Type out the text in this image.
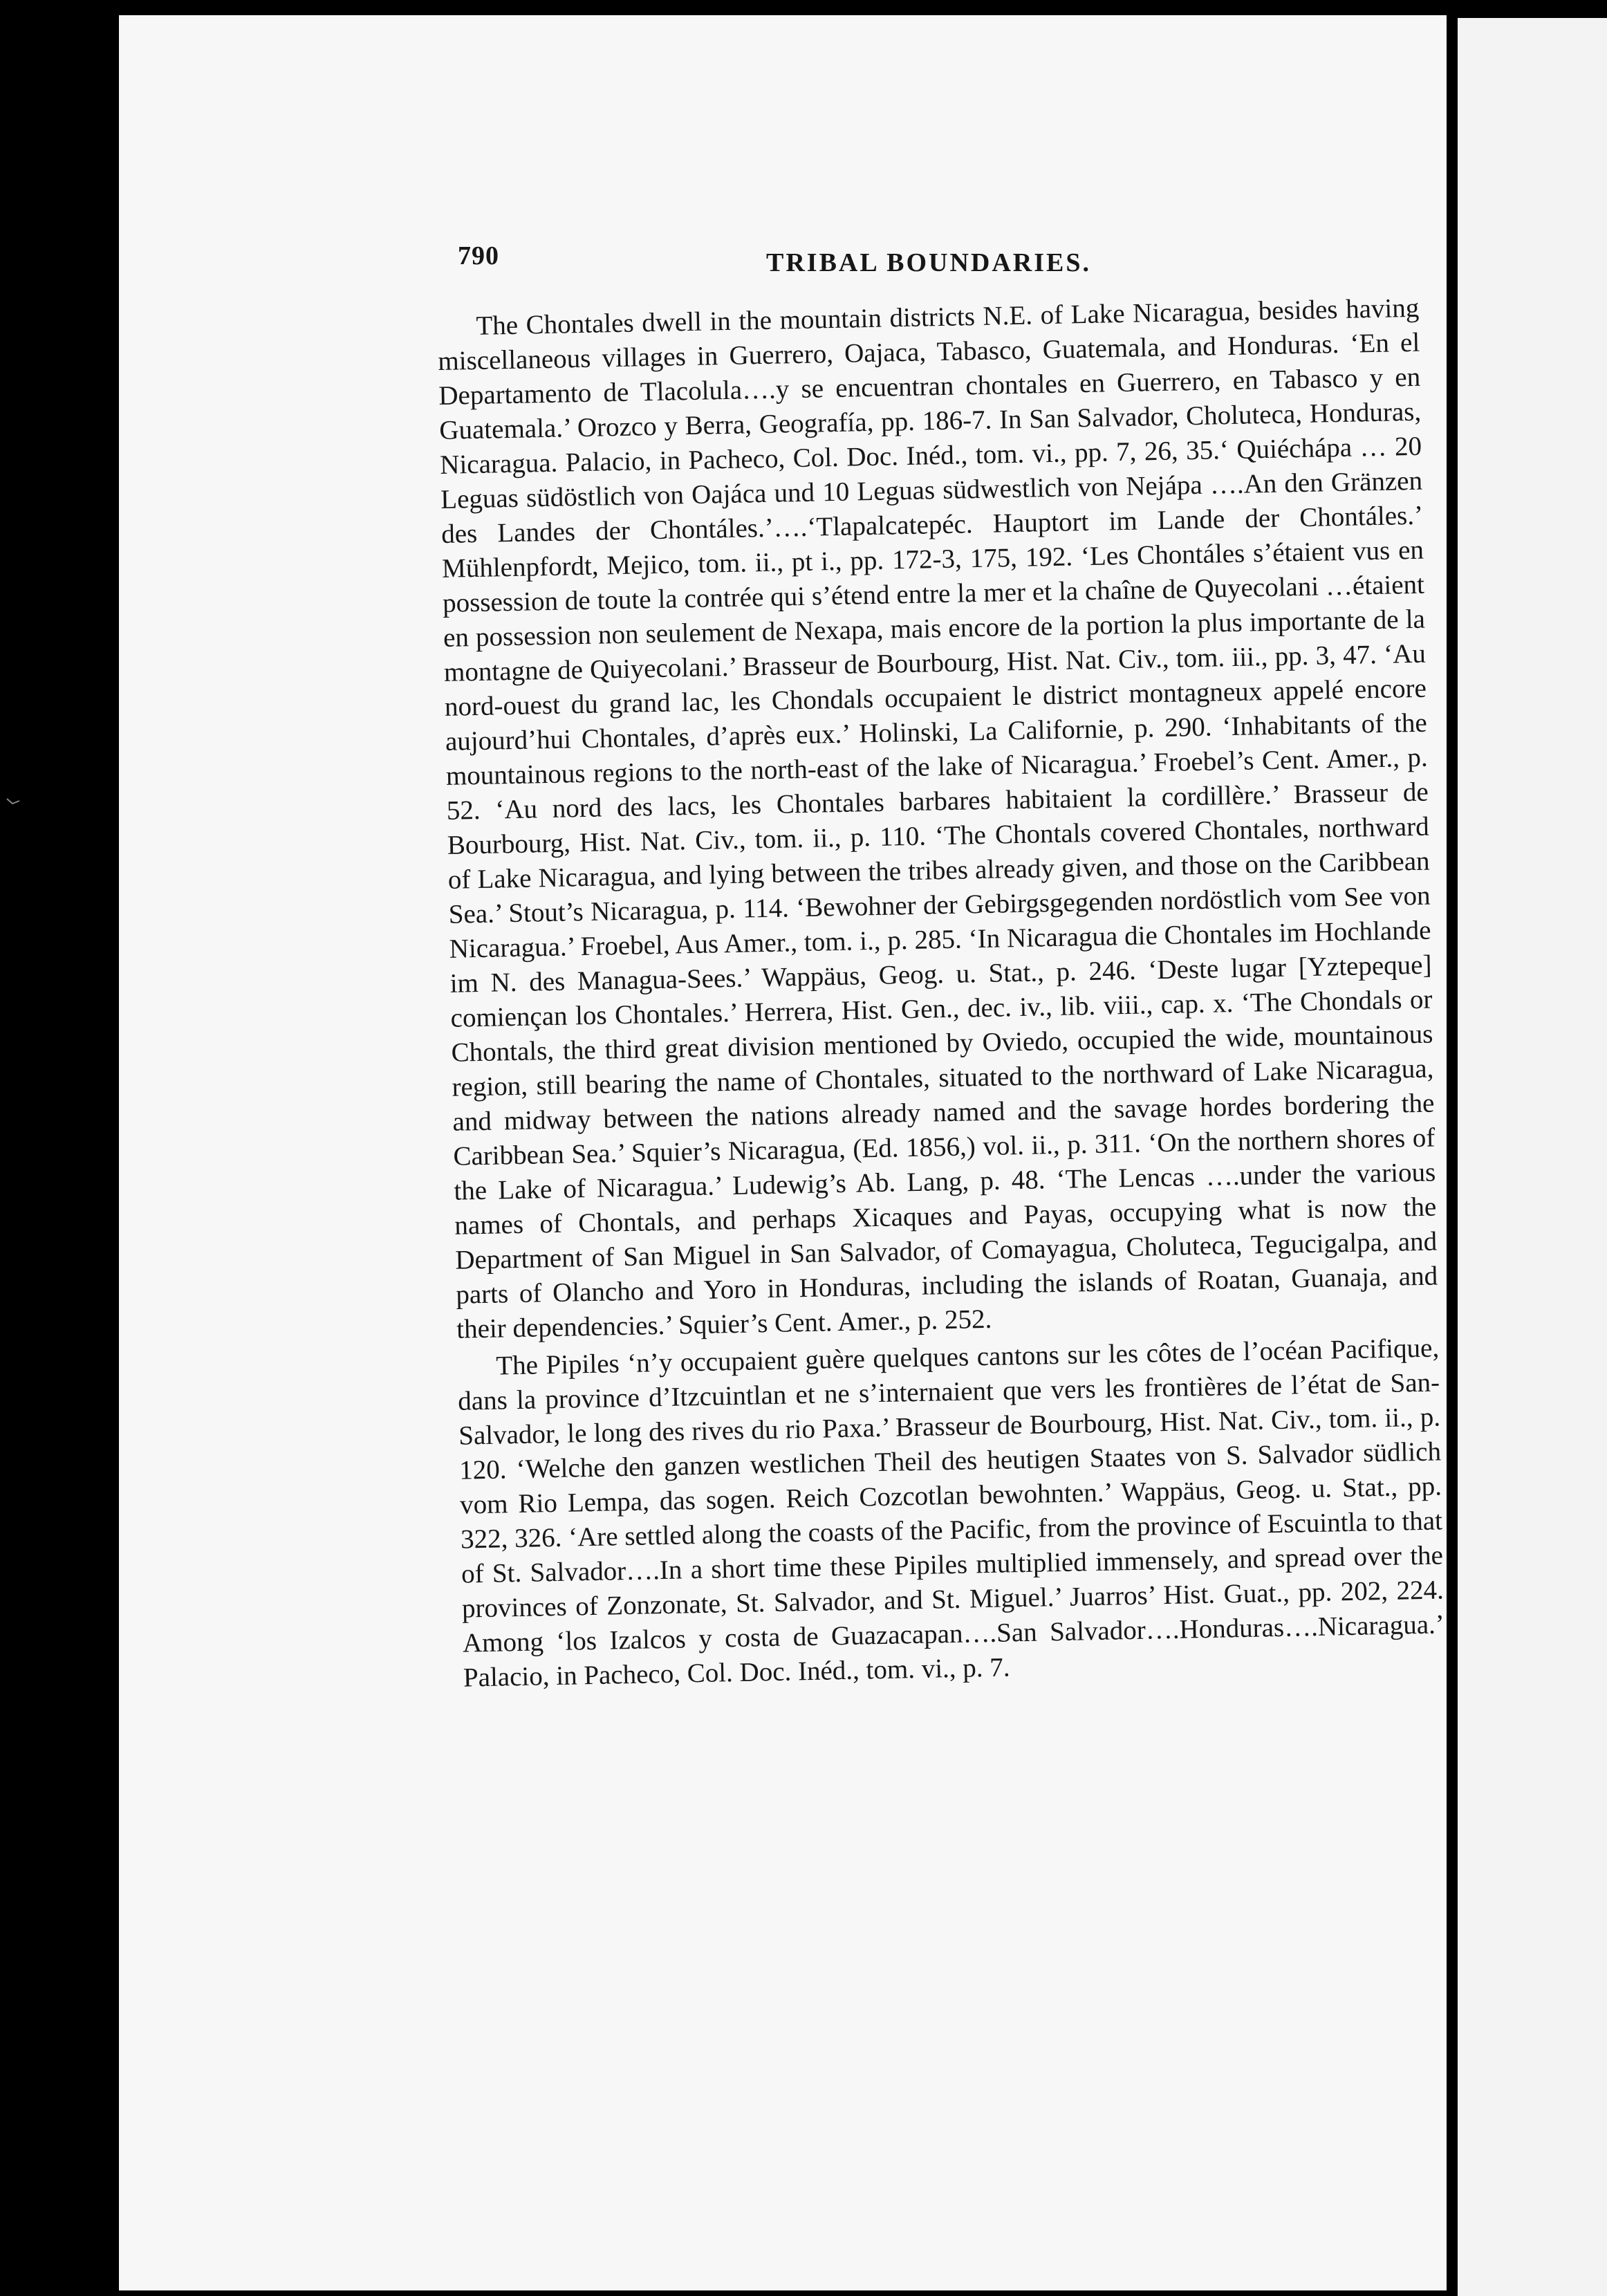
790	TRIBAL BOUNDARIES.

The Chontales dwell in the mountain districts N.E. of Lake Nicaragua, besides having miscellaneous villages in Guerrero, Oajaca, Tabasco, Guatemala, and Honduras. ‘En el Departamento de Tlacolula….y se encuentran chontales en Guerrero, en Tabasco y en Guatemala.’ Orozco y Berra, Geografía, pp. 186-7. In San Salvador, Choluteca, Honduras, Nicaragua. Palacio, in Pacheco, Col. Doc. Inéd., tom. vi., pp. 7, 26, 35.‘ Quiéchápa … 20 Leguas südöstlich von Oajáca und 10 Leguas südwestlich von Nejápa ….An den Gränzen des Landes der Chontáles.’….‘Tlapalcatepéc. Hauptort im Lande der Chontáles.’ Mühlenpfordt, Mejico, tom. ii., pt i., pp. 172-3, 175, 192. ‘Les Chontáles s’étaient vus en possession de toute la contrée qui s’étend entre la mer et la chaîne de Quyecolani …étaient en possession non seulement de Nexapa, mais encore de la portion la plus importante de la montagne de Quiyecolani.’ Brasseur de Bourbourg, Hist. Nat. Civ., tom. iii., pp. 3, 47. ‘Au nord-ouest du grand lac, les Chondals occupaient le district montagneux appelé encore aujourd’hui Chontales, d’après eux.’ Holinski, La Californie, p. 290. ‘Inhabitants of the mountainous regions to the north-east of the lake of Nicaragua.’ Froebel’s Cent. Amer., p. 52. ‘Au nord des lacs, les Chontales barbares habitaient la cordillère.’ Brasseur de Bourbourg, Hist. Nat. Civ., tom. ii., p. 110. ‘The Chontals covered Chontales, northward of Lake Nicaragua, and lying between the tribes already given, and those on the Caribbean Sea.’ Stout’s Nicaragua, p. 114. ‘Bewohner der Gebirgsgegenden nordöstlich vom See von Nicaragua.’ Froebel, Aus Amer., tom. i., p. 285. ‘In Nicaragua die Chontales im Hochlande im N. des Managua-Sees.’ Wappäus, Geog. u. Stat., p. 246. ‘Deste lugar [Yztepeque] comiençan los Chontales.’ Herrera, Hist. Gen., dec. iv., lib. viii., cap. x. ‘The Chondals or Chontals, the third great division mentioned by Oviedo, occupied the wide, mountainous region, still bearing the name of Chontales, situated to the northward of Lake Nicaragua, and midway between the nations already named and the savage hordes bordering the Caribbean Sea.’ Squier’s Nicaragua, (Ed. 1856,) vol. ii., p. 311. ‘On the northern shores of the Lake of Nicaragua.’ Ludewig’s Ab. Lang, p. 48. ‘The Lencas ….under the various names of Chontals, and perhaps Xicaques and Payas, occupying what is now the Department of San Miguel in San Salvador, of Comayagua, Choluteca, Tegucigalpa, and parts of Olancho and Yoro in Honduras, including the islands of Roatan, Guanaja, and their dependencies.’ Squier’s Cent. Amer., p. 252.

The Pipiles ‘n’y occupaient guère quelques cantons sur les côtes de l’océan Pacifique, dans la province d’Itzcuintlan et ne s’internaient que vers les frontières de l’état de San-Salvador, le long des rives du rio Paxa.’ Brasseur de Bourbourg, Hist. Nat. Civ., tom. ii., p. 120. ‘Welche den ganzen westlichen Theil des heutigen Staates von S. Salvador südlich vom Rio Lempa, das sogen. Reich Cozcotlan bewohnten.’ Wappäus, Geog. u. Stat., pp. 322, 326. ‘Are settled along the coasts of the Pacific, from the province of Escuintla to that of St. Salvador….In a short time these Pipiles multiplied immensely, and spread over the provinces of Zonzonate, St. Salvador, and St. Miguel.’ Juarros’ Hist. Guat., pp. 202, 224. Among ‘los Izalcos y costa de Guazacapan….San Salvador….Honduras….Nicaragua.’ Palacio, in Pacheco, Col. Doc. Inéd., tom. vi., p. 7.
